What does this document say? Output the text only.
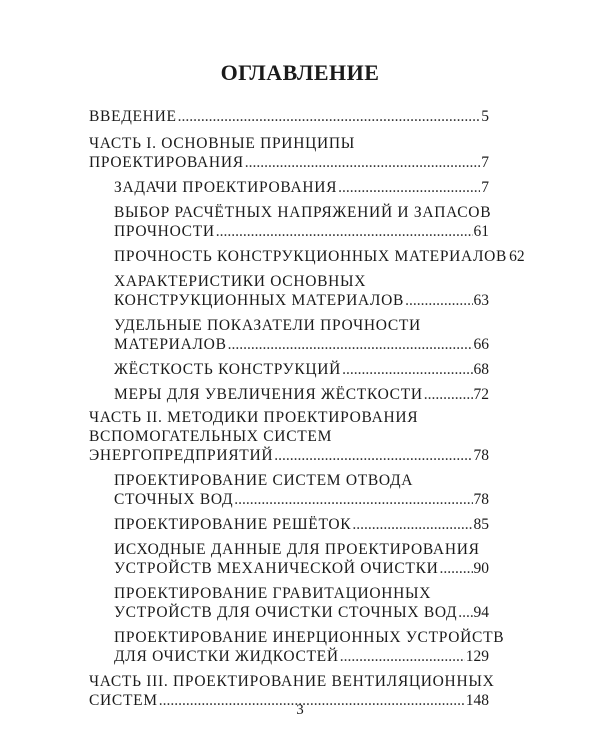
ОГЛАВЛЕНИЕ
ВВЕДЕНИЕ .....	5
ЧАСТЬ I. ОСНОВНЫЕ ПРИНЦИПЫ
ПРОЕКТИРОВАНИЯ .....	7
ЗАДАЧИ ПРОЕКТИРОВАНИЯ .....	7
ВЫБОР РАСЧЁТНЫХ НАПРЯЖЕНИЙ И ЗАПАСОВ
ПРОЧНОСТИ .....	61
ПРОЧНОСТЬ КОНСТРУКЦИОННЫХ МАТЕРИАЛОВ 62
ХАРАКТЕРИСТИКИ ОСНОВНЫХ
КОНСТРУКЦИОННЫХ МАТЕРИАЛОВ .....	63
УДЕЛЬНЫЕ ПОКАЗАТЕЛИ ПРОЧНОСТИ
МАТЕРИАЛОВ .....	66
ЖЁСТКОСТЬ КОНСТРУКЦИЙ .....	68
МЕРЫ ДЛЯ УВЕЛИЧЕНИЯ ЖЁСТКОСТИ .....	72
ЧАСТЬ II. МЕТОДИКИ ПРОЕКТИРОВАНИЯ
ВСПОМОГАТЕЛЬНЫХ СИСТЕМ
ЭНЕРГОПРЕДПРИЯТИЙ .....	78
ПРОЕКТИРОВАНИЕ СИСТЕМ ОТВОДА
СТОЧНЫХ ВОД .....	78
ПРОЕКТИРОВАНИЕ РЕШЁТОК .....	85
ИСХОДНЫЕ ДАННЫЕ ДЛЯ ПРОЕКТИРОВАНИЯ
УСТРОЙСТВ МЕХАНИЧЕСКОЙ ОЧИСТКИ ..... 90
ПРОЕКТИРОВАНИЕ ГРАВИТАЦИОННЫХ
УСТРОЙСТВ ДЛЯ ОЧИСТКИ СТОЧНЫХ ВОД ..... 94
ПРОЕКТИРОВАНИЕ ИНЕРЦИОННЫХ УСТРОЙСТВ
ДЛЯ ОЧИСТКИ ЖИДКОСТЕЙ .....	129
ЧАСТЬ III. ПРОЕКТИРОВАНИЕ ВЕНТИЛЯЦИОННЫХ
СИСТЕМ .....	148
3
